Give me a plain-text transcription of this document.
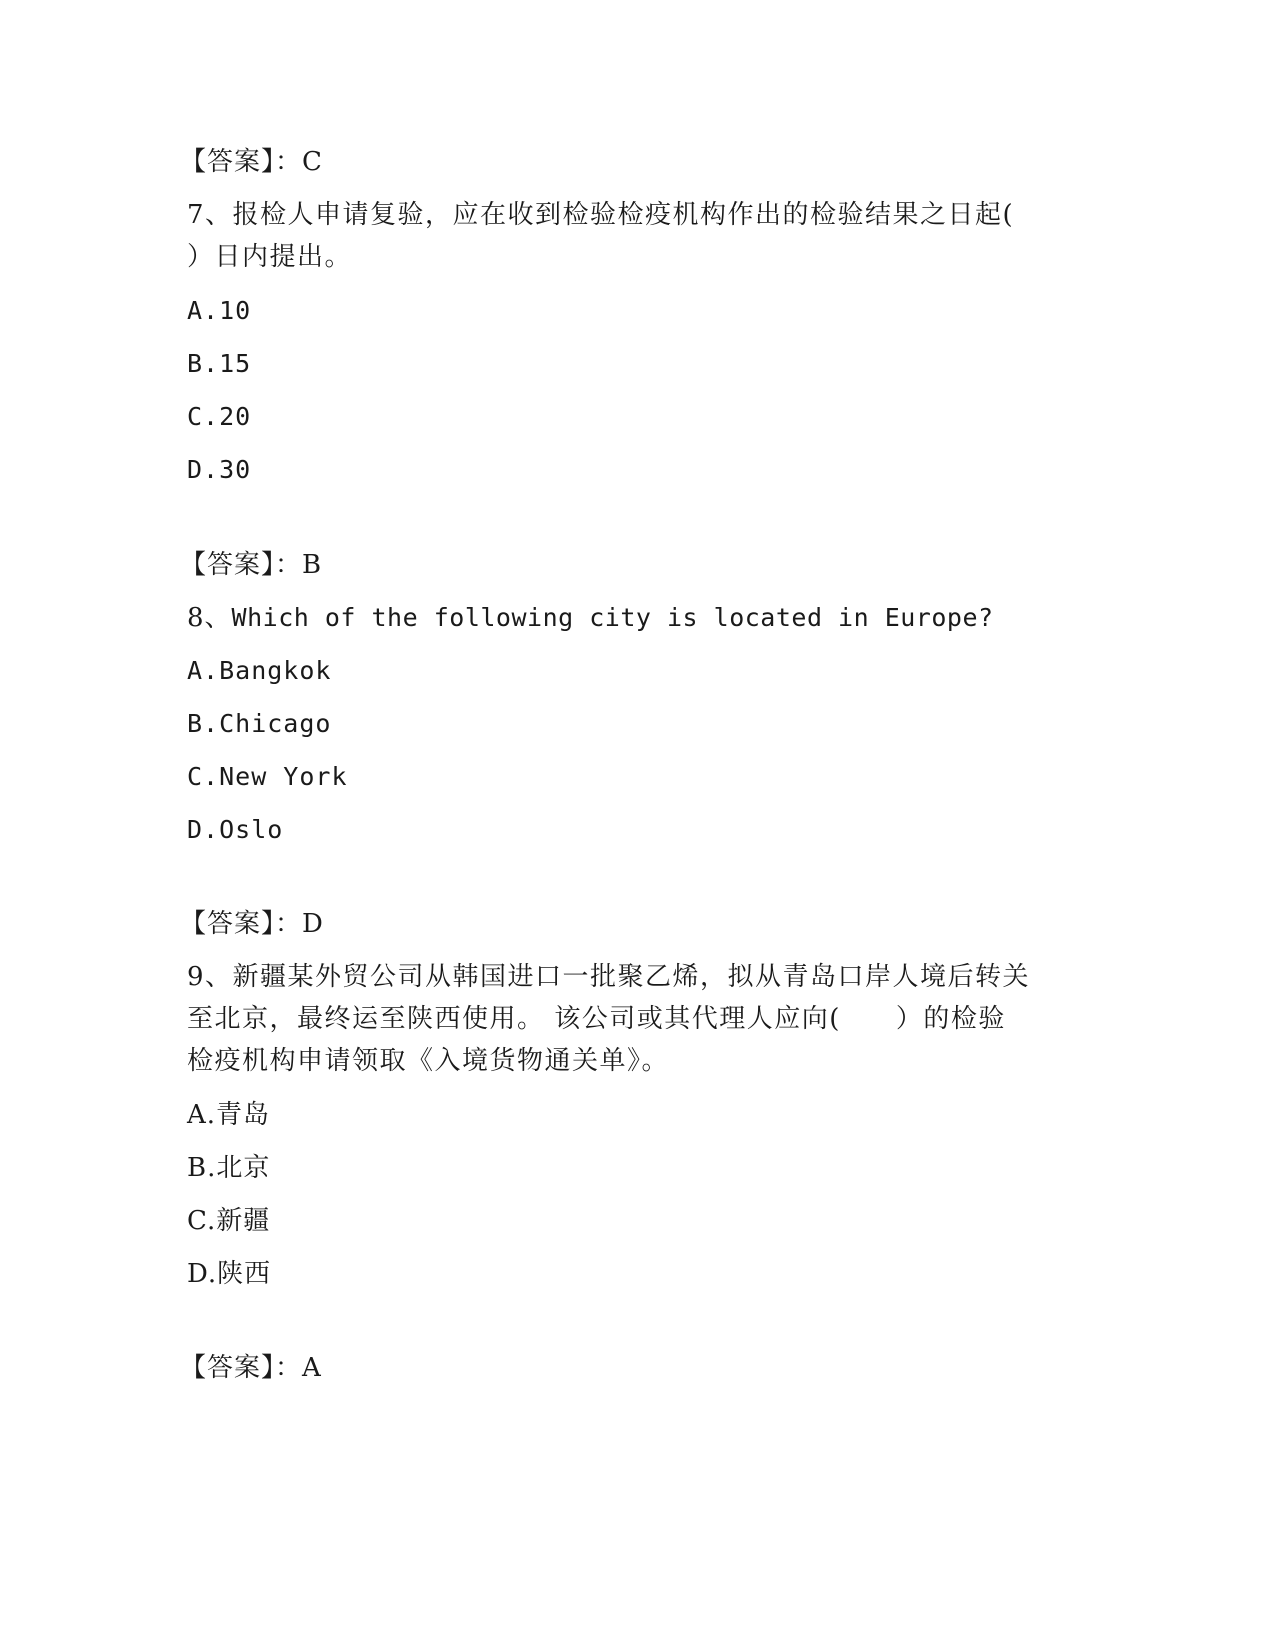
【答案】：C
7、报检人申请复验，应在收到检验检疫机构作出的检验结果之日起(
）日内提出。
A.10
B.15
C.20
D.30
【答案】：B
8、Which of the following city is located in Europe?
A.Bangkok
B.Chicago
C.New York
D.Oslo
【答案】：D
9、新疆某外贸公司从韩国进口一批聚乙烯，拟从青岛口岸人境后转关
至北京，最终运至陕西使用。 该公司或其代理人应向(　　）的检验
检疫机构申请领取《入境货物通关单》。
A.青岛
B.北京
C.新疆
D.陕西
【答案】：A
